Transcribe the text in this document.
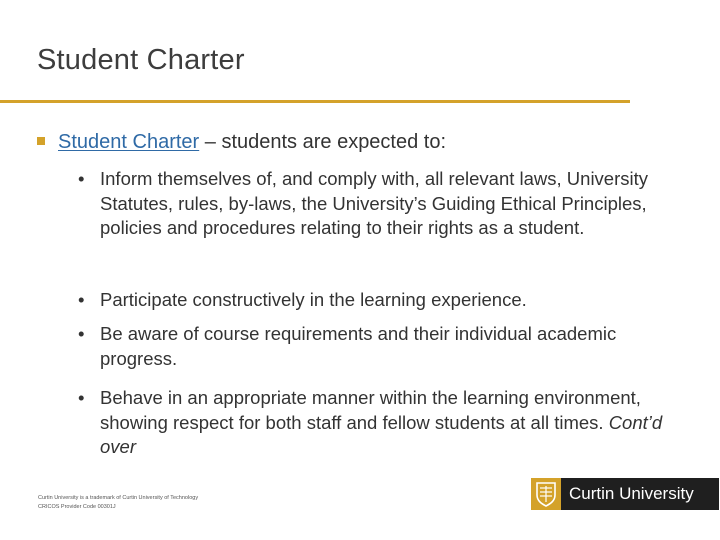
Student Charter
Student Charter – students are expected to:
• Inform themselves of, and comply with, all relevant laws, University Statutes, rules, by-laws, the University’s Guiding Ethical Principles, policies and procedures relating to their rights as a student.
• Participate constructively in the learning experience.
• Be aware of course requirements and their individual academic progress.
• Behave in an appropriate manner within the learning environment, showing respect for both staff and fellow students at all times. Cont’d over
Curtin University is a trademark of Curtin University of Technology
CRICOS Provider Code 00301J
Curtin University
